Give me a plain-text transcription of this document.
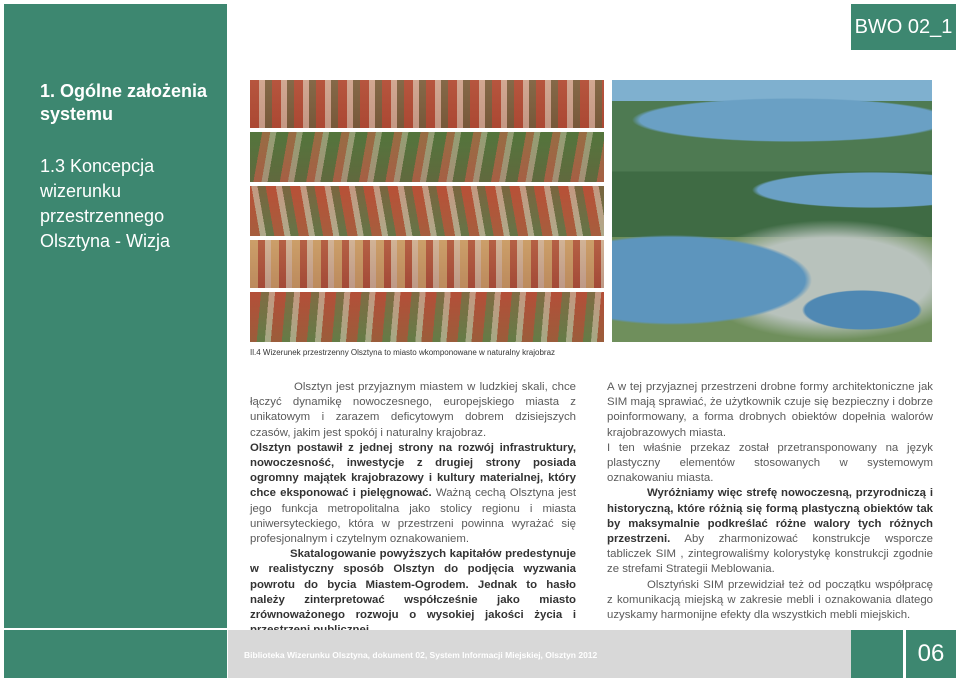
1. Ogólne założenia systemu
1.3 Koncepcja wizerunku przestrzennego Olsztyna - Wizja
BWO 02_1
Il.4 Wizerunek przestrzenny Olsztyna to miasto wkomponowane w naturalny krajobraz

Olsztyn jest przyjaznym miastem w ludzkiej skali, chce łączyć dynamikę nowoczesnego, europejskiego miasta z unikatowym i zarazem deficytowym dobrem dzisiejszych czasów, jakim jest spokój i naturalny krajobraz.

Olsztyn postawił z jednej strony na rozwój infrastruktury, nowoczesność, inwestycje z drugiej strony posiada ogromny majątek krajobrazowy i kultury materialnej, który chce eksponować i pielęgnować. Ważną cechą Olsztyna jest jego funkcja metropolitalna jako stolicy regionu i miasta uniwersyteckiego, która w przestrzeni powinna wyrażać się profesjonalnym i czytelnym oznakowaniem.

Skatalogowanie powyższych kapitałów predestynuje w realistyczny sposób Olsztyn do podjęcia wyzwania powrotu do bycia Miastem-Ogrodem. Jednak to hasło należy zinterpretować współcześnie jako miasto zrównoważonego rozwoju o wysokiej jakości życia i

A w tej przyjaznej przestrzeni drobne formy architektoniczne jak SIM mają sprawiać, że użytkownik czuje się bezpieczny i dobrze poinformowany, a forma drobnych obiektów dopełnia walorów krajobrazowych miasta.

I ten właśnie przekaz został przetransponowany na język plastyczny elementów stosowanych w systemowym oznakowaniu miasta.

Wyróżniamy więc strefę nowoczesną, przyrodniczą i historyczną, które różnią się formą plastyczną obiektów tak by maksymalnie podkreślać różne walory tych różnych przestrzeni. Aby zharmonizować konstrukcje wsporcze tabliczek SIM , zintegrowaliśmy kolorystykę konstrukcji zgodnie ze strefami Strategii Meblowania.

Olsztyński SIM przewidział też od początku współpracę z komunikacją miejską w zakresie mebli i oznakowania dlatego uzyskamy harmonijne efekty dla wszystkich mebli miejskich.

Biblioteka Wizerunku Olsztyna, dokument 02, System Informacji Miejskiej, Olsztyn 2012	06
